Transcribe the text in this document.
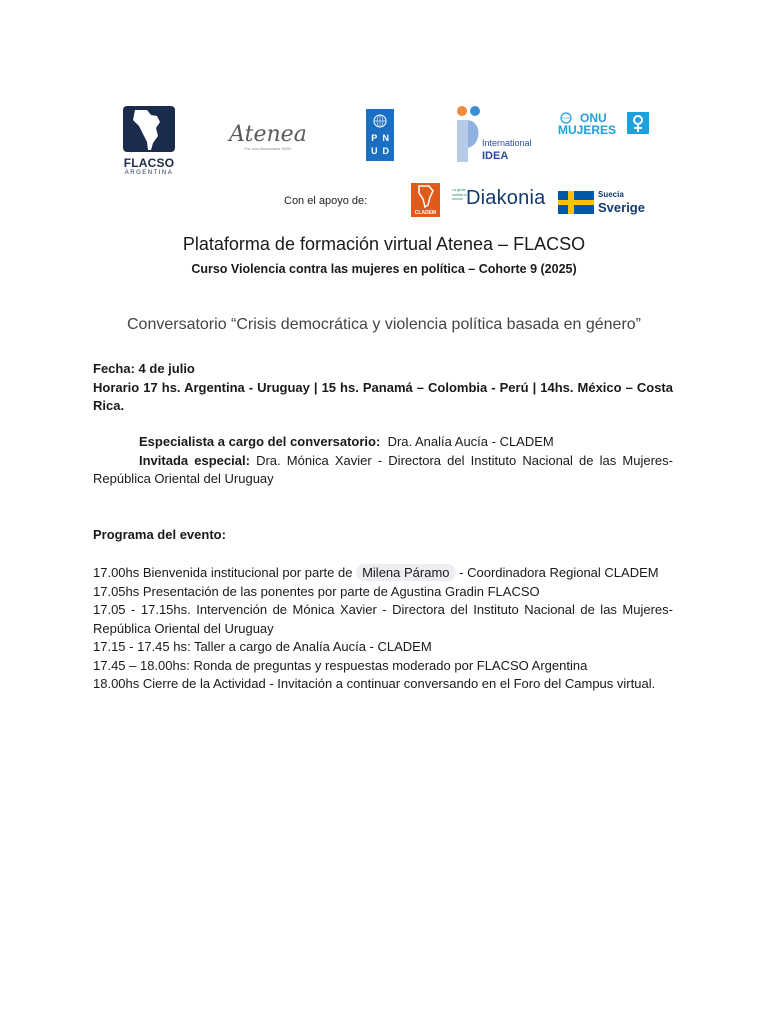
FLACSO
ARGENTINA
Atenea
Por una democracia 50/50
P N
U D
International
IDEA
ONU
MUJERES
Con el apoyo de:
CLADEM
La gente cambia el mundo Diakonia	Suecia
Sverige
Plataforma de formación virtual Atenea – FLACSO
Curso Violencia contra las mujeres en política – Cohorte 9 (2025)
Conversatorio “Crisis democrática y violencia política basada en género”

Fecha: 4 de julio

Horario 17 hs. Argentina - Uruguay | 15 hs. Panamá – Colombia - Perú | 14hs. México – Costa Rica.

Especialista a cargo del conversatorio: Dra. Analía Aucía - CLADEM

Invitada especial: Dra. Mónica Xavier - Directora del Instituto Nacional de las Mujeres- República Oriental del Uruguay

Programa del evento:

17.00hs Bienvenida institucional por parte de Milena Páramo - Coordinadora Regional CLADEM

17.05hs Presentación de las ponentes por parte de Agustina Gradin FLACSO

17.05 - 17.15hs. Intervención de Mónica Xavier - Directora del Instituto Nacional de las Mujeres- República Oriental del Uruguay

17.15 - 17.45 hs: Taller a cargo de Analía Aucía - CLADEM

17.45 – 18.00hs: Ronda de preguntas y respuestas moderado por FLACSO Argentina

18.00hs Cierre de la Actividad - Invitación a continuar conversando en el Foro del Campus virtual.
